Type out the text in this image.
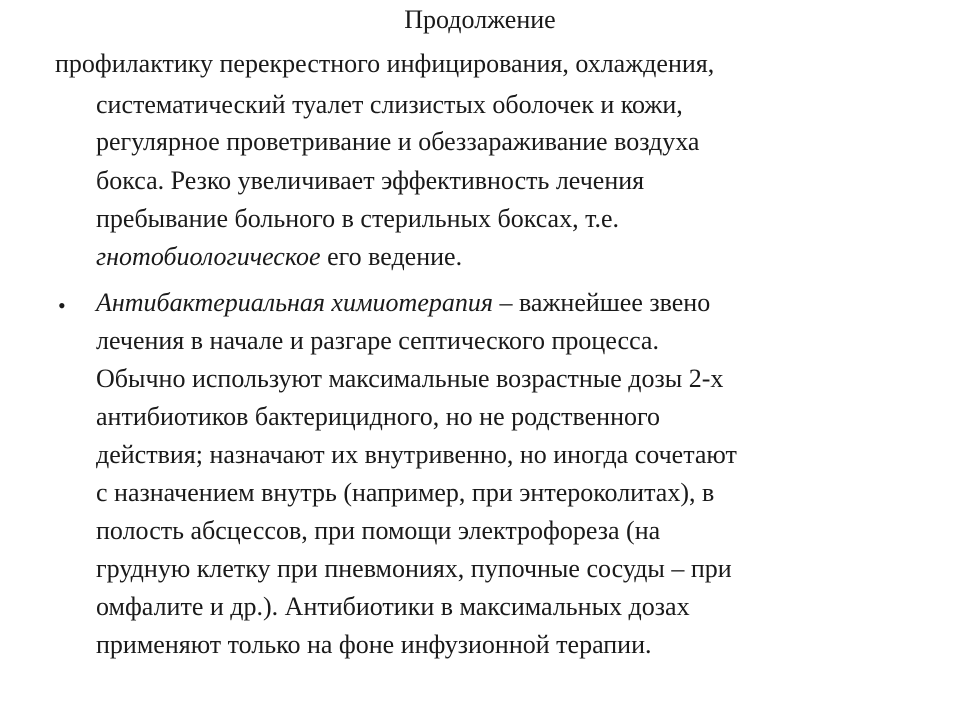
Продолжение
профилактику перекрестного инфицирования, охлаждения,
систематический туалет слизистых оболочек и кожи,
регулярное проветривание и обеззараживание воздуха
бокса. Резко увеличивает эффективность лечения
пребывание больного в стерильных боксах, т.е.
гнотобиологическое его ведение.
• Антибактериальная химиотерапия – важнейшее звено
лечения в начале и разгаре септического процесса.
Обычно используют максимальные возрастные дозы 2-х
антибиотиков бактерицидного, но не родственного
действия; назначают их внутривенно, но иногда сочетают
с назначением внутрь (например, при энтероколитах), в
полость абсцессов, при помощи электрофореза (на
грудную клетку при пневмониях, пупочные сосуды – при
омфалите и др.). Антибиотики в максимальных дозах
применяют только на фоне инфузионной терапии.
